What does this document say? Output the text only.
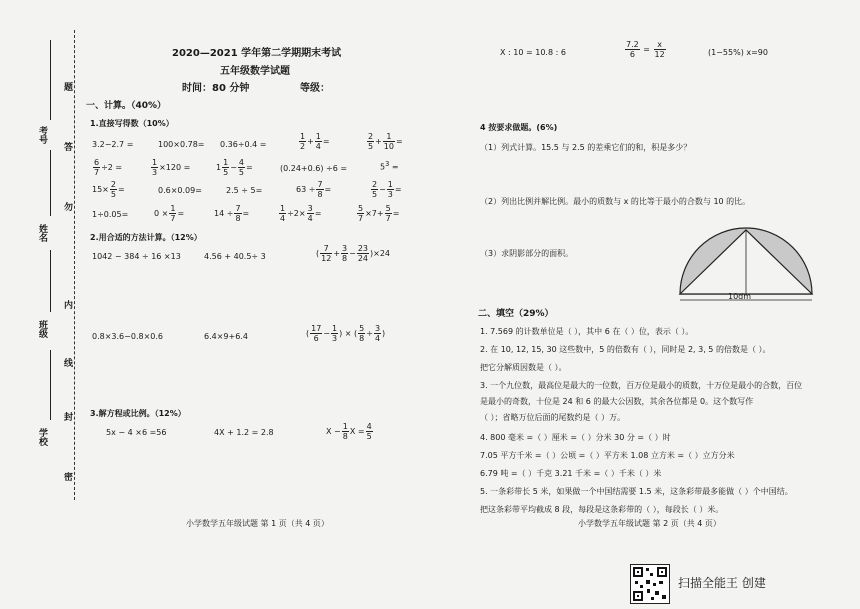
考号
姓名
班级
学校
题
答
勿
内
线
封
密
2020—2021 学年第二学期期末考试
五年级数学试题
时间：80 分钟	等级：
一、计算。（40%）
1.直接写得数（10%）
3.2−2.7 =	100×0.78= 0.36÷0.4 =	$\frac{1}{2} + \frac{1}{4}$ =	$\frac{2}{5} + \frac{1}{10}$ =
$\frac{6}{7} \div 2$ =	$\frac{1}{3} \times 120$ =	$1 \frac{1}{5} - \frac{4}{5}$ =	(0.24+0.6) ÷6 =	$5^3$ =
$15\times \frac{2}{5}$ =	0.6×0.09=	2.5 ÷ 5=	$63 \div \frac{7}{8}$ =	$\frac{2}{5} - \frac{1}{3}$ =
1÷0.05=	$0 \times \frac{1}{7}$ =	$14 \div \frac{7}{8}$ =	$\frac{1}{4} \div 2\times \frac{3}{4}$ =	$\frac{5}{7} \times 7+ \frac{5}{7}$ =
2.用合适的方法计算。（12%）
1042 − 384 ÷ 16 ×13	4.56 + 40.5÷ 3	( $\frac{7}{12} + \frac{3}{8} - \frac{23}{24} )\times 24$
0.8×3.6−0.8×0.6	6.4×9+6.4	( $\frac{17}{6} - \frac{1}{3}$ ) × ( $\frac{5}{8} \div \frac{3}{4}$ )
3.解方程或比例。（12%）
5x − 4 ×6 =56	4X + 1.2 = 2.8	$X - \frac{1}{8}$ $X = \frac{4}{5}$
小学数学五年级试题 第 1 页（共 4 页）
X : 10 = 10.8 : 6	$\frac{7.2}{6} = \frac{x}{12}$	(1−55%) x=90
4 按要求做题。(6%)
（1）列式计算。15.5 与 2.5 的差乘它们的和，积是多少？
（2）列出比例并解比例。最小的质数与 x 的比等于最小的合数与 10 的比。
（3）求阴影部分的面积。
10dm
二、填空（29%）
1. 7.569 的计数单位是（ ），其中 6 在（ ）位，表示（ ）。
2. 在 10, 12, 15, 30 这些数中，5 的倍数有（ ），同时是 2, 3, 5 的倍数是（ ）。
把它分解质因数是（ ）。
3. 一个九位数，最高位是最大的一位数，百万位是最小的质数，十万位是最小的合数，百位
是最小的奇数，十位是 24 和 6 的最大公因数，其余各位都是 0。这个数写作
（ ）；省略万位后面的尾数约是（ ）万。
4. 800 毫米 =（ ）厘米 =（ ）分米 30 分 =（ ）时
7.05 平方千米 =（ ）公顷 =（ ）平方米 1.08 立方米 =（ ）立方分米
6.79 吨 =（ ）千克 3.21 千米 =（ ）千米（ ）米
5. 一条彩带长 5 米，如果做一个中国结需要 1.5 米，这条彩带最多能做（ ）个中国结。
把这条彩带平均截成 8 段，每段是这条彩带的（ ），每段长（ ）米。
小学数学五年级试题 第 2 页（共 4 页）
扫描全能王 创建
